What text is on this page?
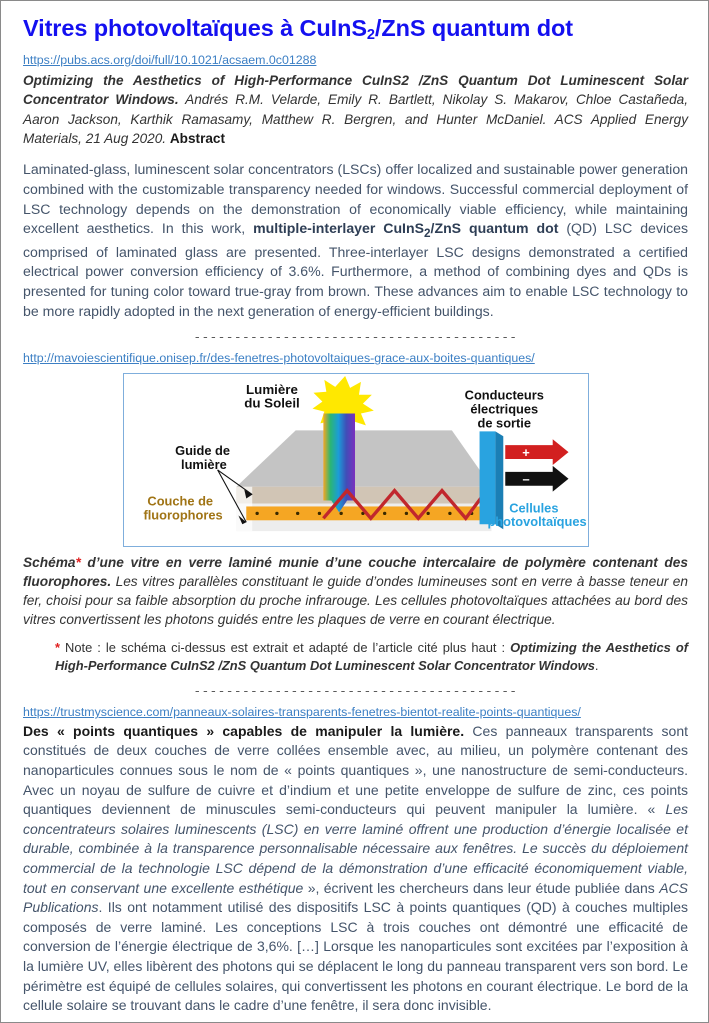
Vitres photovoltaïques à CuInS$_2$/ZnS quantum dot
https://pubs.acs.org/doi/full/10.1021/acsaem.0c01288

Optimizing the Aesthetics of High-Performance CuInS2 /ZnS Quantum Dot Luminescent Solar Concentrator Windows. Andrés R.M. Velarde, Emily R. Bartlett, Nikolay S. Makarov, Chloe Castañeda, Aaron Jackson, Karthik Ramasamy, Matthew R. Bergren, and Hunter McDaniel. ACS Applied Energy Materials, 21 Aug 2020. Abstract

Laminated-glass, luminescent solar concentrators (LSCs) offer localized and sustainable power generation combined with the customizable transparency needed for windows. Successful commercial deployment of LSC technology depends on the demonstration of economically viable efficiency, while maintaining excellent aesthetics. In this work, multiple-interlayer CuInS$_2$/ZnS quantum dot (QD) LSC devices comprised of laminated glass are presented. Three-interlayer LSC designs demonstrated a certified electrical power conversion efficiency of 3.6%. Furthermore, a method of combining dyes and QDs is presented for tuning color toward true-gray from brown. These advances aim to enable LSC technology to be more rapidly adopted in the next generation of energy-efficient buildings.

----------------------------------------
http://mavoiescientifique.onisep.fr/des-fenetres-photovoltaiques-grace-aux-boites-quantiques/
+
–
Lumière
du Soleil
Conducteurs
électriques
de sortie
Guide de
lumière
Couche de
fluorophores	Cellules
photovoltaïques

Schéma* d’une vitre en verre laminé munie d’une couche intercalaire de polymère contenant des fluorophores. Les vitres parallèles constituant le guide d’ondes lumineuses sont en verre à basse teneur en fer, choisi pour sa faible absorption du proche infrarouge. Les cellules photovoltaïques attachées au bord des vitres convertissent les photons guidés entre les plaques de verre en courant électrique.

* Note : le schéma ci-dessus est extrait et adapté de l’article cité plus haut : Optimizing the Aesthetics of High-Performance CuInS2 /ZnS Quantum Dot Luminescent Solar Concentrator Windows.

----------------------------------------
https://trustmyscience.com/panneaux-solaires-transparents-fenetres-bientot-realite-points-quantiques/

Des « points quantiques » capables de manipuler la lumière. Ces panneaux transparents sont constitués de deux couches de verre collées ensemble avec, au milieu, un polymère contenant des nanoparticules connues sous le nom de « points quantiques », une nanostructure de semi-conducteurs. Avec un noyau de sulfure de cuivre et d’indium et une petite enveloppe de sulfure de zinc, ces points quantiques deviennent de minuscules semi-conducteurs qui peuvent manipuler la lumière. « Les concentrateurs solaires luminescents (LSC) en verre laminé offrent une production d’énergie localisée et durable, combinée à la transparence personnalisable nécessaire aux fenêtres. Le succès du déploiement commercial de la technologie LSC dépend de la démonstration d’une efficacité économiquement viable, tout en conservant une excellente esthétique », écrivent les chercheurs dans leur étude publiée dans ACS Publications. Ils ont notamment utilisé des dispositifs LSC à points quantiques (QD) à couches multiples composés de verre laminé. Les conceptions LSC à trois couches ont démontré une efficacité de conversion de l’énergie électrique de 3,6%. […] Lorsque les nanoparticules sont excitées par l’exposition à la lumière UV, elles libèrent des photons qui se déplacent le long du panneau transparent vers son bord. Le périmètre est équipé de cellules solaires, qui convertissent les photons en courant électrique. Le bord de la cellule solaire se trouvant dans le cadre d’une fenêtre, il sera donc invisible.
